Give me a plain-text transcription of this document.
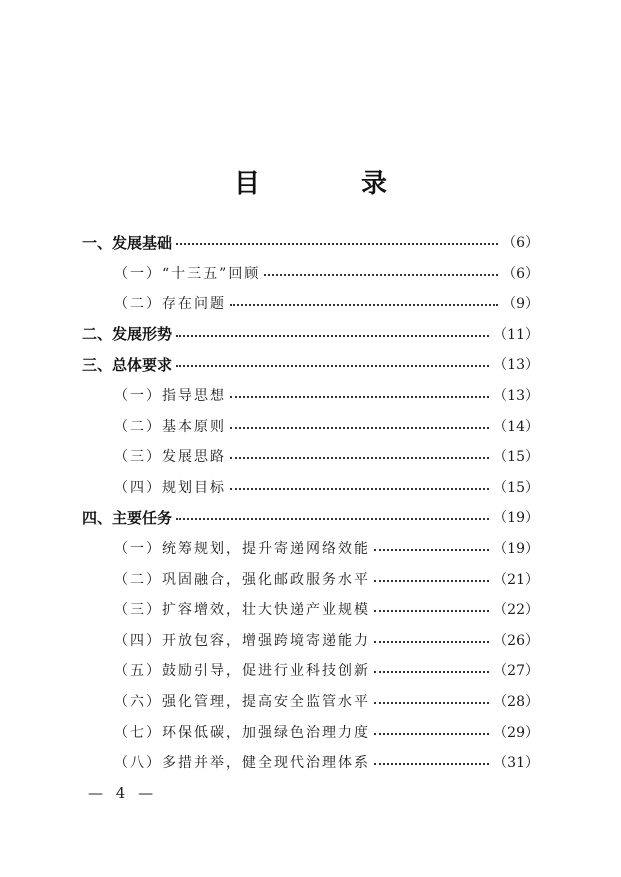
目 录
一、发展基础	（6）
（一）“十三五”回顾	（6）
（二）存在问题	（9）
二、发展形势	（11）
三、总体要求	（13）
（一）指导思想	（13）
（二）基本原则	（14）
（三）发展思路	（15）
（四）规划目标	（15）
四、主要任务	（19）
（一）统筹规划，提升寄递网络效能	（19）
（二）巩固融合，强化邮政服务水平	（21）
（三）扩容增效，壮大快递产业规模	（22）
（四）开放包容，增强跨境寄递能力	（26）
（五）鼓励引导，促进行业科技创新	（27）
（六）强化管理，提高安全监管水平	（28）
（七）环保低碳，加强绿色治理力度	（29）
（八）多措并举，健全现代治理体系	（31）
— 4 —
